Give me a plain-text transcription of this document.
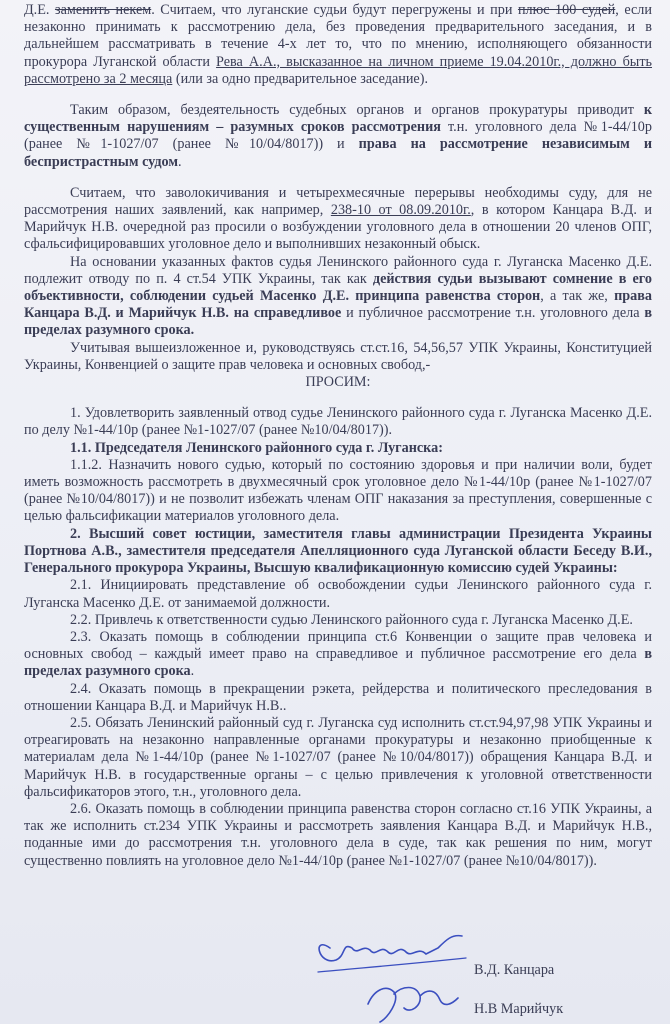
Д.Е. заменить некем. Считаем, что луганские судьи будут перегружены и при плюс 100 судей, если незаконно принимать к рассмотрению дела, без проведения предварительного заседания, и в дальнейшем рассматривать в течение 4-х лет то, что по мнению, исполняющего обязанности прокурора Луганской области Рева А.А., высказанное на личном приеме 19.04.2010г., должно быть рассмотрено за 2 месяца (или за одно предварительное заседание).

Таким образом, бездеятельность судебных органов и органов прокуратуры приводит к существенным нарушениям – разумных сроков рассмотрения т.н. уголовного дела №1-44/10р (ранее №1-1027/07 (ранее №10/04/8017)) и права на рассмотрение независимым и беспристрастным судом.

Считаем, что заволокичивания и четырехмесячные перерывы необходимы суду, для не рассмотрения наших заявлений, как например, 238-10 от 08.09.2010г., в котором Канцара В.Д. и Марийчук Н.В. очередной раз просили о возбуждении уголовного дела в отношении 20 членов ОПГ, сфальсифицировавших уголовное дело и выполнивших незаконный обыск.

На основании указанных фактов судья Ленинского районного суда г. Луганска Масенко Д.Е. подлежит отводу по п. 4 ст.54 УПК Украины, так как действия судьи вызывают сомнение в его объективности, соблюдении судьей Масенко Д.Е. принципа равенства сторон, а так же, права Канцара В.Д. и Марийчук Н.В. на справедливое и публичное рассмотрение т.н. уголовного дела в пределах разумного срока.

Учитывая вышеизложенное и, руководствуясь ст.ст.16, 54,56,57 УПК Украины, Конституцией Украины, Конвенцией о защите прав человека и основных свобод,-

ПРОСИМ:

1. Удовлетворить заявленный отвод судье Ленинского районного суда г. Луганска Масенко Д.Е. по делу №1-44/10р (ранее №1-1027/07 (ранее №10/04/8017)).

1.1. Председателя Ленинского районного суда г. Луганска:

1.1.2. Назначить нового судью, который по состоянию здоровья и при наличии воли, будет иметь возможность рассмотреть в двухмесячный срок уголовное дело №1-44/10р (ранее №1-1027/07 (ранее №10/04/8017)) и не позволит избежать членам ОПГ наказания за преступления, совершенные с целью фальсификации материалов уголовного дела.

2. Высший совет юстиции, заместителя главы администрации Президента Украины Портнова А.В., заместителя председателя Апелляционного суда Луганской области Беседу В.И., Генерального прокурора Украины, Высшую квалификационную комиссию судей Украины:

2.1. Инициировать представление об освобождении судьи Ленинского районного суда г. Луганска Масенко Д.Е. от занимаемой должности.

2.2. Привлечь к ответственности судью Ленинского районного суда г. Луганска Масенко Д.Е.

2.3. Оказать помощь в соблюдении принципа ст.6 Конвенции о защите прав человека и основных свобод – каждый имеет право на справедливое и публичное рассмотрение его дела в пределах разумного срока.

2.4. Оказать помощь в прекращении рэкета, рейдерства и политического преследования в отношении Канцара В.Д. и Марийчук Н.В..

2.5. Обязать Ленинский районный суд г. Луганска суд исполнить ст.ст.94,97,98 УПК Украины и отреагировать на незаконно направленные органами прокуратуры и незаконно приобщенные к материалам дела №1-44/10р (ранее №1-1027/07 (ранее №10/04/8017)) обращения Канцара В.Д. и Марийчук Н.В. в государственные органы – с целью привлечения к уголовной ответственности фальсификаторов этого, т.н., уголовного дела.

2.6. Оказать помощь в соблюдении принципа равенства сторон согласно ст.16 УПК Украины, а так же исполнить ст.234 УПК Украины и рассмотреть заявления Канцара В.Д. и Марийчук Н.В., поданные ими до рассмотрения т.н. уголовного дела в суде, так как решения по ним, могут существенно повлиять на уголовное дело №1-44/10р (ранее №1-1027/07 (ранее №10/04/8017)).

В.Д. Канцара
Н.В Марийчук
